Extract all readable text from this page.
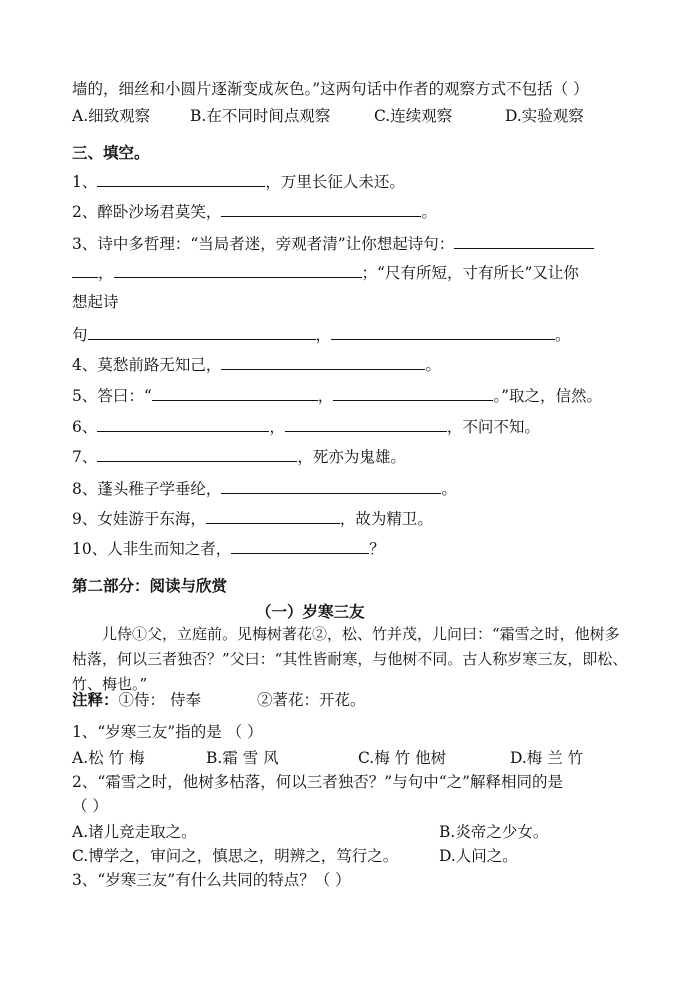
墙的，细丝和小圆片逐渐变成灰色。”这两句话中作者的观察方式不包括（ ）
A.细致观察	B.在不同时间点观察	C.连续观察	D.实验观察
三、填空。
1、	，万里长征人未还。
2、醉卧沙场君莫笑，	。
3、诗中多哲理：“当局者迷，旁观者清”让你想起诗句：
，	；“尺有所短，寸有所长”又让你
想起诗
句	，	。
4、莫愁前路无知己，	。
5、答曰：“	，	。”取之，信然。
6、	，	，不问不知。
7、	，死亦为鬼雄。
8、蓬头稚子学垂纶，	。
9、女娃游于东海，	，故为精卫。
10、人非生而知之者，	？
第二部分：阅读与欣赏
（一）岁寒三友

儿侍①父，立庭前。见梅树著花②，松、竹并茂，儿问曰：“霜雪之时，他树多枯落，何以三者独否？”父曰：“其性皆耐寒，与他树不同。古人称岁寒三友，即松、竹、梅也。”

注释：①侍： 侍奉	②著花：开花。
1、“岁寒三友”指的是 （ ）
A.松 竹 梅	B.霜 雪 风	C.梅 竹 他树	D.梅 兰 竹
2、“霜雪之时，他树多枯落，何以三者独否？”与句中“之”解释相同的是
（ ）
A.诸儿竞走取之。	B.炎帝之少女。
C.博学之，审问之，慎思之，明辨之，笃行之。	D.人问之。
3、“岁寒三友”有什么共同的特点？（ ）
